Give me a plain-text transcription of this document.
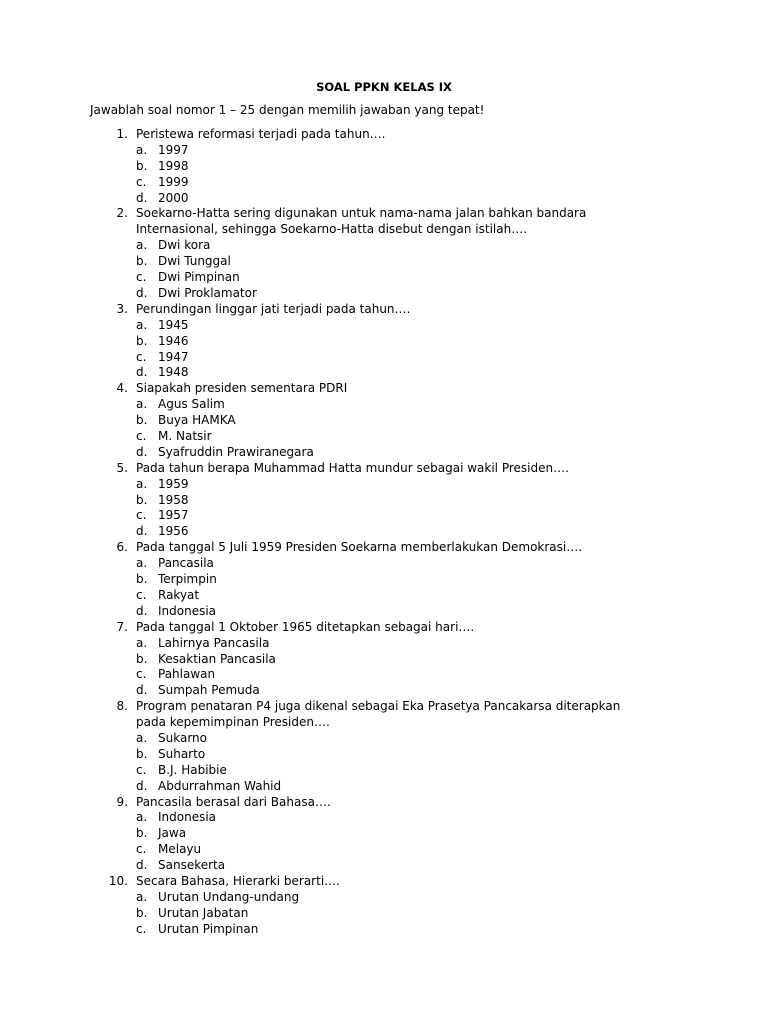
SOAL PPKN KELAS IX
Jawablah soal nomor 1 – 25 dengan memilih jawaban yang tepat!
1. Peristewa reformasi terjadi pada tahun….
a. 1997
b. 1998
c. 1999
d. 2000
2. Soekarno-Hatta sering digunakan untuk nama-nama jalan bahkan bandara Internasional, sehingga Soekarno-Hatta disebut dengan istilah….
a. Dwi kora
b. Dwi Tunggal
c. Dwi Pimpinan
d. Dwi Proklamator
3. Perundingan linggar jati terjadi pada tahun….
a. 1945
b. 1946
c. 1947
d. 1948
4. Siapakah presiden sementara PDRI
a. Agus Salim
b. Buya HAMKA
c. M. Natsir
d. Syafruddin Prawiranegara
5. Pada tahun berapa Muhammad Hatta mundur sebagai wakil Presiden….
a. 1959
b. 1958
c. 1957
d. 1956
6. Pada tanggal 5 Juli 1959 Presiden Soekarna memberlakukan Demokrasi….
a. Pancasila
b. Terpimpin
c. Rakyat
d. Indonesia
7. Pada tanggal 1 Oktober 1965 ditetapkan sebagai hari….
a. Lahirnya Pancasila
b. Kesaktian Pancasila
c. Pahlawan
d. Sumpah Pemuda
8. Program penataran P4 juga dikenal sebagai Eka Prasetya Pancakarsa diterapkan pada kepemimpinan Presiden….
a. Sukarno
b. Suharto
c. B.J. Habibie
d. Abdurrahman Wahid
9. Pancasila berasal dari Bahasa….
a. Indonesia
b. Jawa
c. Melayu
d. Sansekerta
10. Secara Bahasa, Hierarki berarti….
a. Urutan Undang-undang
b. Urutan Jabatan
c. Urutan Pimpinan
